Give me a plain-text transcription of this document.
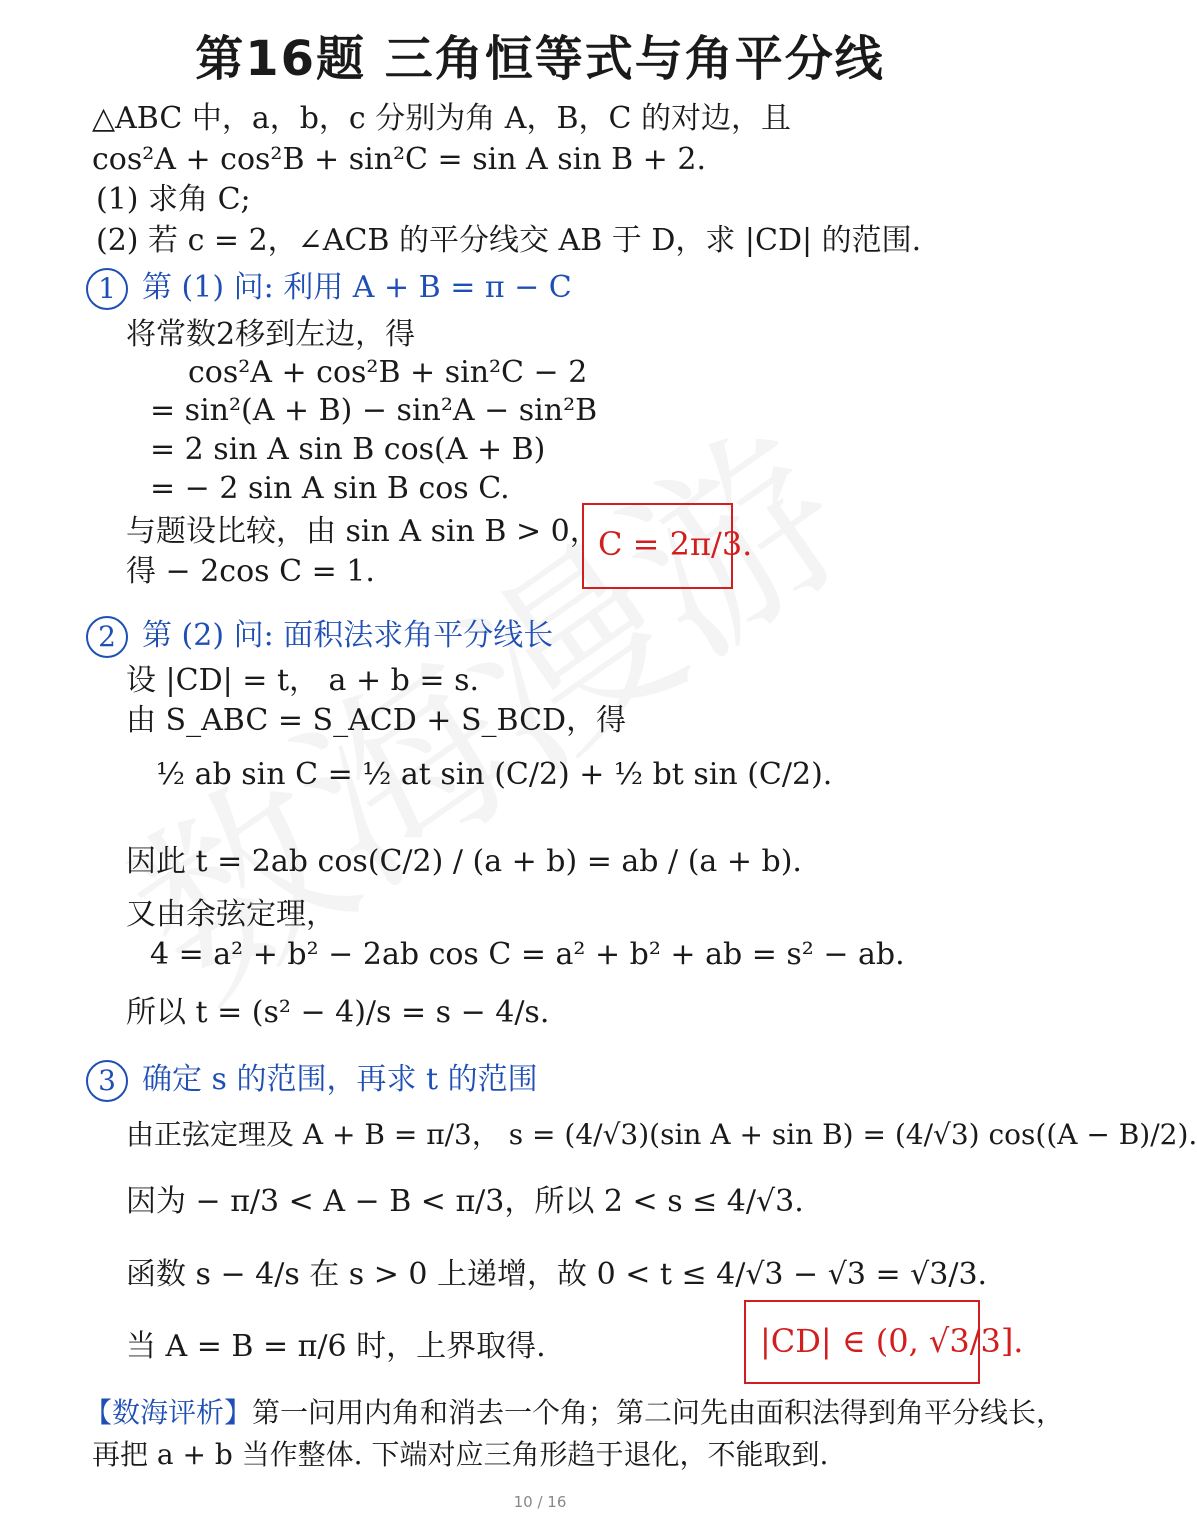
第16题 三角恒等式与角平分线
△ABC 中，a，b，c 分别为角 A，B，C 的对边，且
cos²A + cos²B + sin²C = sin A sin B + 2.
(1) 求角 C;
(2) 若 c = 2，∠ACB 的平分线交 AB 于 D，求 |CD| 的范围.
1 第 (1) 问: 利用 A + B = π − C
将常数2移到左边，得
cos²A + cos²B + sin²C − 2
= sin²(A + B) − sin²A − sin²B
= 2 sin A sin B cos(A + B)
= − 2 sin A sin B cos C.
与题设比较，由 sin A sin B > 0，
得 − 2cos C = 1.
C = 2π/3.
2 第 (2) 问: 面积法求角平分线长
设 |CD| = t， a + b = s.
由 S_ABC = S_ACD + S_BCD，得
½ ab sin C = ½ at sin (C/2) + ½ bt sin (C/2).
因此 t = 2ab cos(C/2) / (a + b) = ab / (a + b).
又由余弦定理，
4 = a² + b² − 2ab cos C = a² + b² + ab = s² − ab.
所以 t = (s² − 4)/s = s − 4/s.
3 确定 s 的范围，再求 t 的范围
由正弦定理及 A + B = π/3， s = (4/√3)(sin A + sin B) = (4/√3) cos((A − B)/2).
因为 − π/3 < A − B < π/3，所以 2 < s ≤ 4/√3.
函数 s − 4/s 在 s > 0 上递增，故 0 < t ≤ 4/√3 − √3 = √3/3.
当 A = B = π/6 时，上界取得.	|CD| ∈ (0, √3/3].
【数海评析】第一问用内角和消去一个角；第二问先由面积法得到角平分线长，
再把 a + b 当作整体. 下端对应三角形趋于退化，不能取到.
10 / 16
